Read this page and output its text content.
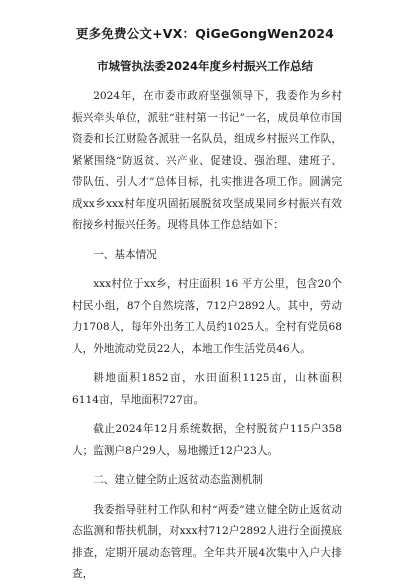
更多免费公文+VX：QiGeGongWen2024
市城管执法委2024年度乡村振兴工作总结

2024年，在市委市政府坚强领导下，我委作为乡村振兴牵头单位，派驻“驻村第一书记”一名，成员单位市国资委和长江财险各派驻一名队员，组成乡村振兴工作队，紧紧围绕“防返贫、兴产业、促建设、强治理、建班子、带队伍、引人才”总体目标，扎实推进各项工作。圆满完成xx乡xxx村年度巩固拓展脱贫攻坚成果同乡村振兴有效衔接乡村振兴任务。现将具体工作总结如下：

一、基本情况

xxx村位于xx乡，村庄面积 16 平方公里，包含20个村民小组，87个自然垸落，712户2892人。其中，劳动力1708人，每年外出务工人员约1025人。全村有党员68人，外地流动党员22人，本地工作生活党员46人。

耕地面积1852亩，水田面积1125亩，山林面积6114亩，旱地面积727亩。

截止2024年12月系统数据，全村脱贫户115户358人；监测户8户29人，易地搬迁12户23人。

二、建立健全防止返贫动态监测机制

我委指导驻村工作队和村“两委”建立健全防止返贫动态监测和帮扶机制，对xxx村712户2892人进行全面摸底排查，定期开展动态管理。全年共开展4次集中入户大排查，
